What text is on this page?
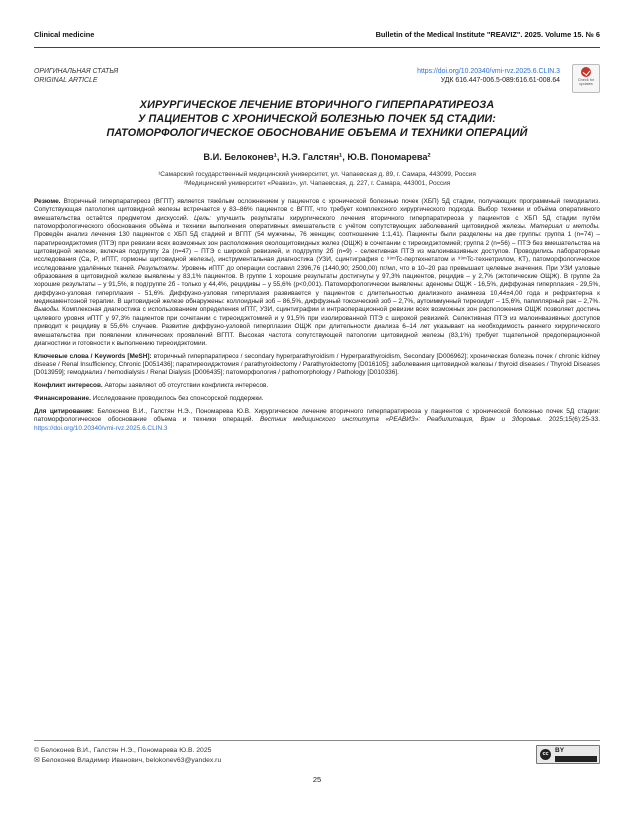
Clinical medicine	Bulletin of the Medical Institute "REAVIZ". 2025. Volume 15. № 6
ОРИГИНАЛЬНАЯ СТАТЬЯ
ORIGINAL ARTICLE
https://doi.org/10.20340/vmi-rvz.2025.6.CLIN.3
УДК 616.447-006.5-089:616.61-008.64	Check for
updates
ХИРУРГИЧЕСКОЕ ЛЕЧЕНИЕ ВТОРИЧНОГО ГИПЕРПАРАТИРЕОЗА
У ПАЦИЕНТОВ С ХРОНИЧЕСКОЙ БОЛЕЗНЬЮ ПОЧЕК 5Д СТАДИИ:
ПАТОМОРФОЛОГИЧЕСКОЕ ОБОСНОВАНИЕ ОБЪЕМА И ТЕХНИКИ ОПЕРАЦИЙ
В.И. Белоконев¹, Н.Э. Галстян¹, Ю.В. Пономарева²
¹Самарский государственный медицинский университет, ул. Чапаевская д. 89, г. Самара, 443099, Россия
²Медицинский университет «Реавиз», ул. Чапаевская, д. 227, г. Самара, 443001, Россия

Резюме. Вторичный гиперпаратиреоз (ВГПТ) является тяжёлым осложнением у пациентов с хронической болезнью почек (ХБП) 5Д стадии, получающих программный гемодиализ. Сопутствующая патология щитовидной железы встречается у 83–86% пациентов с ВГПТ, что требует комплексного хирургического подхода. Выбор техники и объёма оперативного вмешательства остаётся предметом дискуссий. Цель: улучшить результаты хирургического лечения вторичного гиперпаратиреоза у пациентов с ХБП 5Д стадии путём патоморфологического обоснования объёма и техники выполнения оперативных вмешательств с учётом сопутствующих заболеваний щитовидной железы. Материал и методы. Проведён анализ лечения 130 пациентов с ХБП 5Д стадией и ВГПТ (54 мужчины, 76 женщин; соотношение 1:1,41). Пациенты были разделены на две группы: группа 1 (n=74) – паратиреоидэктомия (ПТЭ) при ревизии всех возможных зон расположения околощитовидных желез (ОЩЖ) в сочетании с тиреоидэктомией; группа 2 (n=56) – ПТЭ без вмешательства на щитовидной железе, включая подгруппу 2а (n=47) – ПТЭ с широкой ревизией, и подгруппу 2б (n=9) - селективная ПТЭ из малоинвазивных доступов. Проводились лабораторные исследования (Ca, P, иПТГ, гормоны щитовидной железы), инструментальная диагностика (УЗИ, сцинтиграфия с ⁹⁹ᵐTc-пертехнетатом и ⁹⁹ᵐTc-технетрилом, КТ), патоморфологическое исследование удалённых тканей. Результаты. Уровень иПТГ до операции составил 2396,76 (1440,90; 2500,00) пг/мл, что в 10–20 раз превышает целевые значения. При УЗИ узловые образования в щитовидной железе выявлены у 83,1% пациентов. В группе 1 хорошие результаты достигнуты у 97,3% пациентов, рецидив – у 2,7% (эктопические ОЩЖ). В группе 2а хорошие результаты – у 91,5%, в подгруппе 2б - только у 44,4%, рецидивы – у 55,6% (p<0,001). Патоморфологически выявлены: аденомы ОЩЖ - 16,5%, диффузная гиперплазия - 29,5%, диффузно-узловая гиперплазия - 51,6%. Диффузно-узловая гиперплазия развивается у пациентов с длительностью диализного анамнеза 10,44±4,00 года и рефрактерна к медикаментозной терапии. В щитовидной железе обнаружены: коллоидный зоб – 86,5%, диффузный токсический зоб – 2,7%, аутоиммунный тиреоидит – 15,6%, папиллярный рак – 2,7%. Выводы. Комплексная диагностика с использованием определения иПТГ, УЗИ, сцинтиграфии и интраоперационной ревизии всех возможных зон расположения ОЩЖ позволяет достичь целевого уровня иПТГ у 97,3% пациентов при сочетании с тиреоидэктомией и у 91,5% при изолированной ПТЭ с широкой ревизией. Селективная ПТЭ из малоинвазивных доступов приводит к рецидиву в 55,6% случаев. Развитие диффузно-узловой гиперплазии ОЩЖ при длительности диализа 6–14 лет указывает на необходимость раннего хирургического вмешательства при появлении клинических проявлений ВГПТ. Высокая частота сопутствующей патологии щитовидной железы (83,1%) требует тщательной предоперационной диагностики и готовности к выполнению тиреоидэктомии.

Ключевые слова / Keywords [MeSH]: вторичный гиперпаратиреоз / secondary hyperparathyroidism / Hyperparathyroidism, Secondary [D006962]; хроническая болезнь почек / chronic kidney disease / Renal Insufficiency, Chronic [D051436]; паратиреоидэктомия / parathyroidectomy / Parathyroidectomy [D016105]; заболевания щитовидной железы / thyroid diseases / Thyroid Diseases [D013959]; гемодиализ / hemodialysis / Renal Dialysis [D006435]; патоморфология / pathomorphology / Pathology [D010336].

Конфликт интересов. Авторы заявляют об отсутствии конфликта интересов.

Финансирование. Исследование проводилось без спонсорской поддержки.

Для цитирования: Белоконев В.И., Галстян Н.Э., Пономарева Ю.В. Хирургическое лечение вторичного гиперпаратиреоза у пациентов с хронической болезнью почек 5Д стадии: патоморфологическое обоснование объема и техники операций. Вестник медицинского института «РЕАВИЗ»: Реабилитация, Врач и Здоровье. 2025;15(6):25-33. https://doi.org/10.20340/vmi-rvz.2025.6.CLIN.3

© Белоконев В.И., Галстян Н.Э., Пономарева Ю.В. 2025
✉ Белоконев Владимир Иванович, belokonev63@yandex.ru
cc BY
25
